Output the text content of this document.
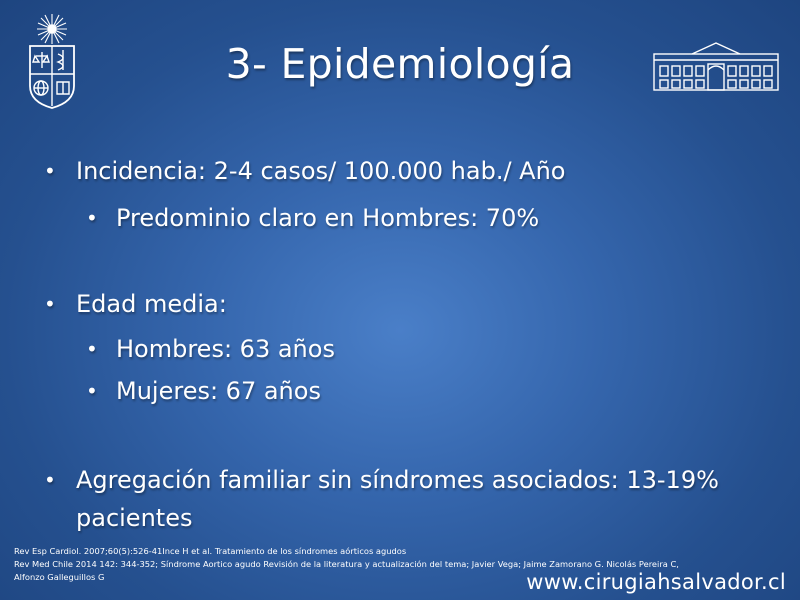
3- Epidemiología
• Incidencia: 2-4 casos/ 100.000 hab./ Año
• Predominio claro en Hombres: 70%
• Edad media:
• Hombres: 63 años
• Mujeres: 67 años
• Agregación familiar sin síndromes asociados: 13-19%
pacientes
Rev Esp Cardiol. 2007;60(5):526-41Ince H et al. Tratamiento de los síndromes aórticos agudos
Rev Med Chile 2014 142: 344-352; Síndrome Aortico agudo Revisión de la literatura y actualización del tema; Javier Vega; Jaime Zamorano G. Nicolás Pereira C,
Alfonzo Galleguillos G	www.cirugiahsalvador.cl
